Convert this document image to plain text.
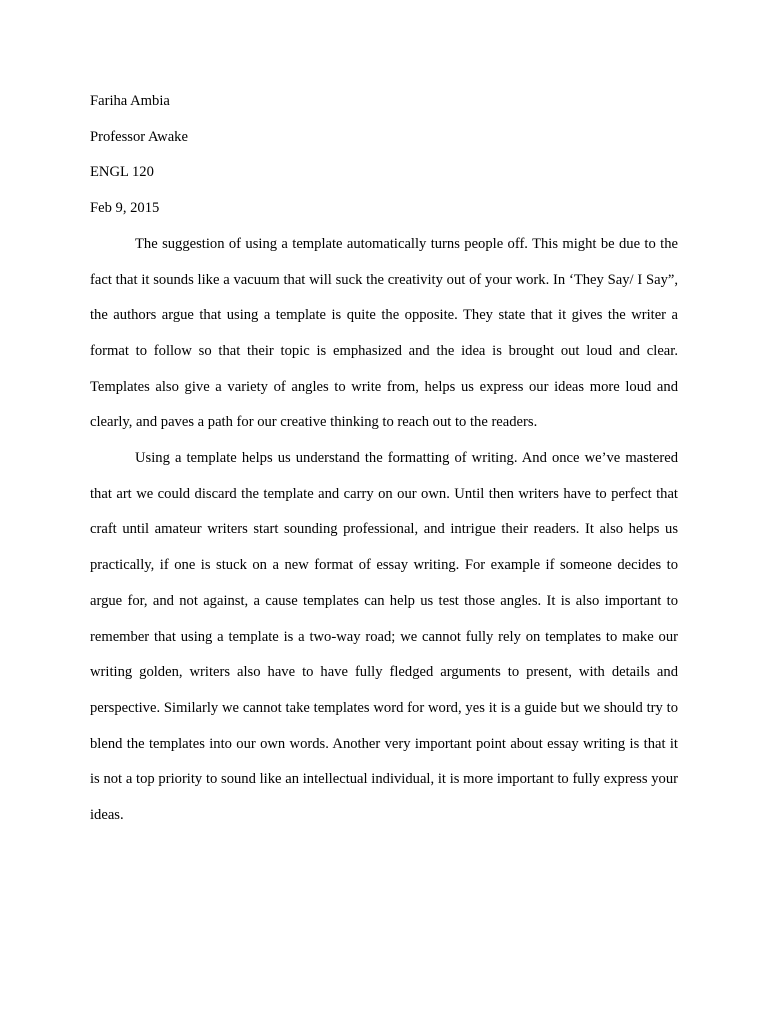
Fariha Ambia

Professor Awake

ENGL 120

Feb 9, 2015

The suggestion of using a template automatically turns people off. This might be due to the fact that it sounds like a vacuum that will suck the creativity out of your work. In ‘They Say/ I Say”, the authors argue that using a template is quite the opposite. They state that it gives the writer a format to follow so that their topic is emphasized and the idea is brought out loud and clear. Templates also give a variety of angles to write from, helps us express our ideas more loud and clearly, and paves a path for our creative thinking to reach out to the readers.

Using a template helps us understand the formatting of writing. And once we’ve mastered that art we could discard the template and carry on our own. Until then writers have to perfect that craft until amateur writers start sounding professional, and intrigue their readers. It also helps us practically, if one is stuck on a new format of essay writing. For example if someone decides to argue for, and not against, a cause templates can help us test those angles. It is also important to remember that using a template is a two-way road; we cannot fully rely on templates to make our writing golden, writers also have to have fully fledged arguments to present, with details and perspective. Similarly we cannot take templates word for word, yes it is a guide but we should try to blend the templates into our own words. Another very important point about essay writing is that it is not a top priority to sound like an intellectual individual, it is more important to fully express your ideas.
